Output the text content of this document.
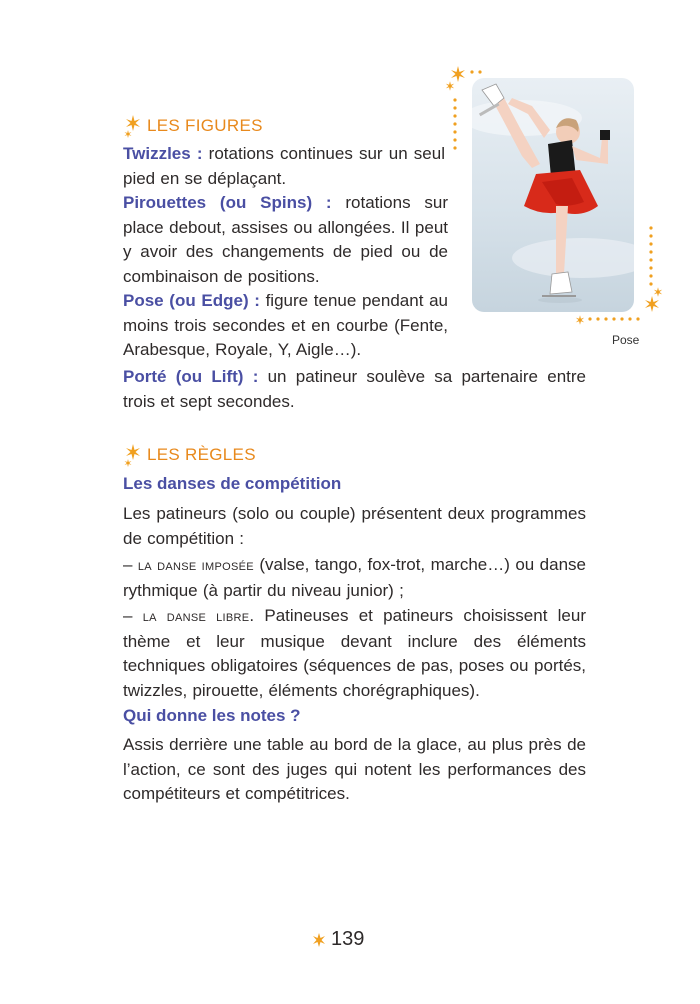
Pose
LES FIGURES

Twizzles : rotations continues sur un seul pied en se déplaçant.

Pirouettes (ou Spins) : rotations sur place debout, assises ou allongées. Il peut y avoir des changements de pied ou de combinaison de positions.

Pose (ou Edge) : figure tenue pendant au moins trois secondes et en courbe (Fente, Arabesque, Royale, Y, Aigle…).

Porté (ou Lift) : un patineur soulève sa partenaire entre trois et sept secondes.

LES RÈGLES
Les danses de compétition

Les patineurs (solo ou couple) présentent deux programmes de compétition :

– la danse imposée (valse, tango, fox-trot, marche…) ou danse rythmique (à partir du niveau junior) ;

– la danse libre. Patineuses et patineurs choisissent leur thème et leur musique devant inclure des éléments techniques obligatoires (séquences de pas, poses ou portés, twizzles, pirouette, éléments chorégraphiques).

Qui donne les notes ?

Assis derrière une table au bord de la glace, au plus près de l’action, ce sont des juges qui notent les performances des compétiteurs et compétitrices.

139
